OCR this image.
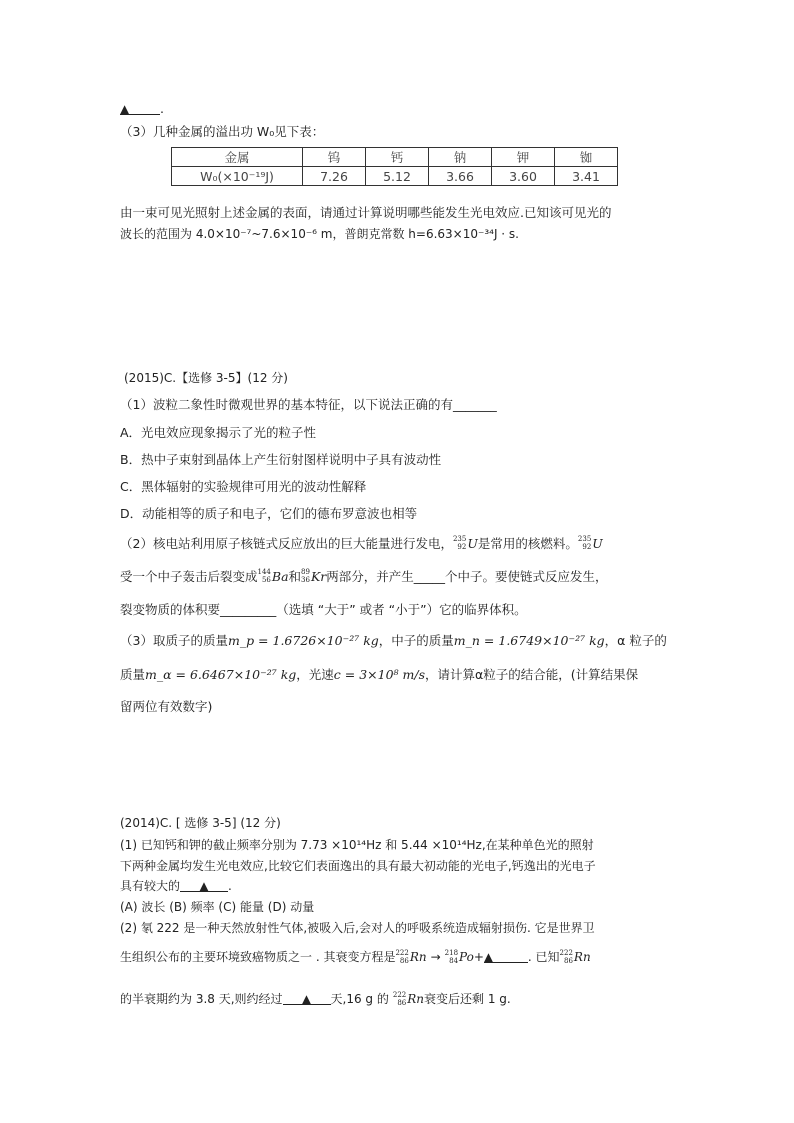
▲ .
（3）几种金属的溢出功 W₀见下表：
金属	钨	钙	钠	钾	铷
W₀(×10⁻¹⁹J)	7.26	5.12	3.66	3.60	3.41
由一束可见光照射上述金属的表面，请通过计算说明哪些能发生光电效应.已知该可见光的
波长的范围为 4.0×10⁻⁷~7.6×10⁻⁶ m，普朗克常数 h=6.63×10⁻³⁴J · s.
(2015)C.【选修 3-5】(12 分)
（1）波粒二象性时微观世界的基本特征，以下说法正确的有_______
A．光电效应现象揭示了光的粒子性
B．热中子束射到晶体上产生衍射图样说明中子具有波动性
C．黑体辐射的实验规律可用光的波动性解释
D．动能相等的质子和电子，它们的德布罗意波也相等
（2）核电站利用原子核链式反应放出的巨大能量进行发电， 235
92 U 是常用的核燃料。 235
92 U
受一个中子轰击后裂变成 144
56 Ba 和 89
36 Kr 两部分，并产生_____个中子。要使链式反应发生，
裂变物质的体积要_________（选填 “大于” 或者 “小于”）它的临界体积。
（3）取质子的质量m_p = 1.6726×10⁻²⁷ kg，中子的质量m_n = 1.6749×10⁻²⁷ kg，α 粒子的
质量m_α = 6.6467×10⁻²⁷ kg，光速c = 3×10⁸ m/s，请计算α粒子的结合能，(计算结果保
留两位有效数字)
(2014)C. [ 选修 3-5] (12 分)
(1) 已知钙和钾的截止频率分别为 7.73 ×10¹⁴Hz 和 5.44 ×10¹⁴Hz,在某种单色光的照射
下两种金属均发生光电效应,比较它们表面逸出的具有最大初动能的光电子,钙逸出的光电子
具有较大的 ▲ .
(A) 波长 (B) 频率 (C) 能量 (D) 动量
(2) 氡 222 是一种天然放射性气体,被吸入后,会对人的呼吸系统造成辐射损伤. 它是世界卫
生组织公布的主要环境致癌物质之一 . 其衰变方程是 222
86 Rn → 218
84 Po + ▲	. 已知 222
86 Rn
的半衰期约为 3.8 天,则约经过	▲	天,16 g 的 222
86 Rn 衰变后还剩 1 g.
